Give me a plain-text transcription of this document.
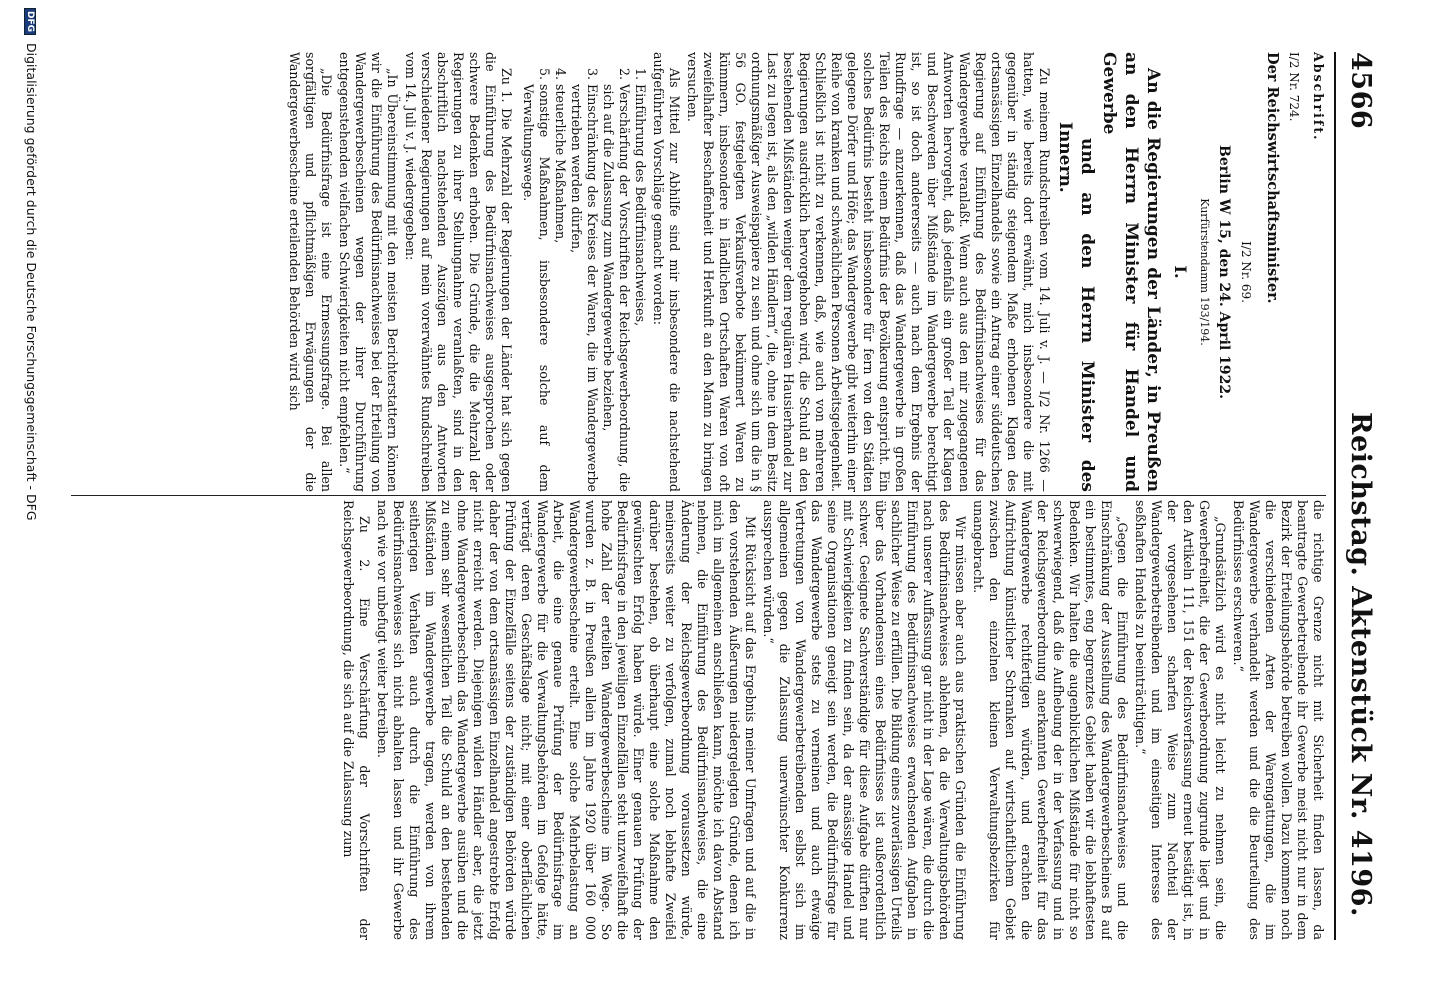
4566
Reichstag. Aktenstück Nr. 4196.
Abschrift.
I/2 Nr. 724.
Der Reichswirtschaftsminister.
I/2 Nr. 69.
Berlin W 15, den 24. April 1922.
Kurfürstendamm 193/194.
I.

An die Regierungen der Länder, in Preußen an den Herrn Minister für Handel und Gewerbe
und an den Herrn Minister des Innern.

Zu meinem Rundschreiben vom 14. Juli v. J. — I/2 Nr. 1266 — hatten, wie bereits dort erwähnt, mich insbesondere die mit gegenüber in ständig steigendem Maße erhobenen Klagen des ortsansässigen Einzelhandels sowie ein Antrag einer süddeutschen Regierung auf Einführung des Bedürfnisnachweises für das Wandergewerbe veranlaßt. Wenn auch aus den mir zugegangenen Antworten hervorgeht, daß jedenfalls ein großer Teil der Klagen und Beschwerden über Mißstände im Wandergewerbe berechtigt ist, so ist doch andererseits — auch nach dem Ergebnis der Rundfrage — anzuerkennen, daß das Wandergewerbe in großen Teilen des Reichs einem Bedürfnis der Bevölkerung entspricht. Ein solches Bedürfnis besteht insbesondere für fern von den Städten gelegene Dörfer und Höfe; das Wandergewerbe gibt weiterhin einer Reihe von kranken und schwächlichen Personen Arbeitsgelegenheit. Schließlich ist nicht zu verkennen, daß, wie auch von mehreren Regierungen ausdrücklich hervorgehoben wird, die Schuld an den bestehenden Mißständen weniger dem regulären Hausierhandel zur Last zu legen ist, als den „wilden Händlern“, die, ohne in dem Besitz ordnungsmäßiger Ausweispapiere zu sein und ohne sich um die in § 56 GO. festgelegten Verkaufsverbote bekümmert Waren zu kümmern, insbesondere in ländlichen Ortschaften Waren von oft zweifelhafter Beschaffenheit und Herkunft an den Mann zu bringen versuchen.

Als Mittel zur Abhilfe sind mir insbesondere die nachstehend aufgeführten Vorschläge gemacht worden:

1. Einführung des Bedürfnisnachweises,
2. Verschärfung der Vorschriften der Reichsgewerbeordnung, die sich auf die Zulassung zum Wandergewerbe beziehen,
3. Einschränkung des Kreises der Waren, die im Wandergewerbe vertrieben werden dürfen,
4. steuerliche Maßnahmen,
5. sonstige Maßnahmen, insbesondere solche auf dem Verwaltungswege.

Zu 1. Die Mehrzahl der Regierungen der Länder hat sich gegen die Einführung des Bedürfnisnachweises ausgesprochen oder schwere Bedenken erhoben. Die Gründe, die die Mehrzahl der Regierungen zu ihrer Stellungnahme veranlaßten, sind in den abschriftlich nachstehenden Auszügen aus den Antworten verschiedener Regierungen auf mein vorerwähntes Rundschreiben vom 14. Juli v. J. wiedergegeben:

„In Übereinstimmung mit den meisten Berichterstattern können wir die Einführung des Bedürfnisnachweises bei der Erteilung von Wandergewerbescheinen wegen der ihrer Durchführung entgegenstehenden vielfachen Schwierigkeiten nicht empfehlen.“

„Die Bedürfnisfrage ist eine Ermessungsfrage. Bei allen sorgfältigen und pflichtmäßigen Erwägungen der die Wandergewerbescheine erteilenden Behörden wird sich

die richtige Grenze nicht mit Sicherheit finden lassen, da beantragte Gewerbetreibende ihr Gewerbe meist nicht nur in dem Bezirk der Erteilungsbehörde betreiben wollen. Dazu kommen noch die verschiedenen Arten der Warengattungen, die im Wandergewerbe verhandelt werden und die die Beurteilung des Bedürfnisses erschweren.“

„Grundsätzlich wird es nicht leicht zu nehmen sein, die Gewerbefreiheit, die der Gewerbeordnung zugrunde liegt und in den Artikeln 111, 151 der Reichsverfassung erneut bestätigt ist, in der vorgesehenen scharfen Weise zum Nachteil der Wandergewerbetreibenden und im einseitigen Interesse des seßhaften Handels zu beeinträchtigen.“

„Gegen die Einführung des Bedürfnisnachweises und die Einschränkung der Ausstellung des Wandergewerbescheines B auf ein bestimmtes, eng begrenztes Gebiet haben wir die lebhaftesten Bedenken. Wir halten die augenblicklichen Mißstände für nicht so schwerwiegend, daß die Aufhebung der in der Verfassung und in der Reichsgewerbeordnung anerkannten Gewerbefreiheit für das Wandergewerbe rechtfertigen würden, und erachten die Aufrichtung künstlicher Schranken auf wirtschaftlichem Gebiet zwischen den einzelnen kleinen Verwaltungsbezirken für unangebracht.

Wir müssen aber auch aus praktischen Gründen die Einführung des Bedürfnisnachweises ablehnen, da die Verwaltungsbehörden nach unserer Auffassung gar nicht in der Lage wären, die durch die Einführung des Bedürfnisnachweises erwachsenden Aufgaben in sachlicher Weise zu erfüllen. Die Bildung eines zuverlässigen Urteils über das Vorhandensein eines Bedürfnisses ist außerordentlich schwer. Geeignete Sachverständige für diese Aufgabe dürften nur mit Schwierigkeiten zu finden sein, da der ansässige Handel und seine Organisationen geneigt sein werden, die Bedürfnisfrage für das Wandergewerbe stets zu verneinen und auch etwaige Vertretungen von Wandergewerbetreibenden selbst sich im allgemeinen gegen die Zulassung unerwünschter Konkurrenz aussprechen würden.“

Mit Rücksicht auf das Ergebnis meiner Umfragen und auf die in den vorstehenden Äußerungen niedergelegten Gründe, denen ich mich im allgemeinen anschließen kann, möchte ich davon Abstand nehmen, die Einführung des Bedürfnisnachweises, die eine Änderung der Reichsgewerbeordnung voraussetzen würde, meinerseits weiter zu verfolgen, zumal noch lebhafte Zweifel darüber bestehen, ob überhaupt eine solche Maßnahme den gewünschten Erfolg haben würde. Einer genauen Prüfung der Bedürfnisfrage in den jeweiligen Einzelfällen steht unzweifelhaft die hohe Zahl der erteilten Wandergewerbescheine im Wege. So wurden z. B. in Preußen allein im Jahre 1920 über 160 000 Wandergewerbescheine erteilt. Eine solche Mehrbelastung an Arbeit, die eine genaue Prüfung der Bedürfnisfrage im Wandergewerbe für die Verwaltungsbehörden im Gefolge hätte, verträgt deren Geschäftslage nicht; mit einer oberflächlichen Prüfung der Einzelfälle seitens der zuständigen Behörden würde daher der von dem ortsansässigen Einzelhandel angestrebte Erfolg nicht erreicht werden. Diejenigen wilden Händler aber, die jetzt ohne Wandergewerbeschein das Wandergewerbe ausüben und die zu einem sehr wesentlichen Teil die Schuld an den bestehenden Mißständen im Wandergewerbe tragen, werden von ihrem seitherigen Verhalten auch durch die Einführung des Bedürfnisnachweises sich nicht abhalten lassen und ihr Gewerbe nach wie vor unbefugt weiter betreiben.

Zu 2. Eine Verschärfung der Vorschriften der Reichsgewerbeordnung, die sich auf die Zulassung zum

DFG Digitalisierung gefördert durch die Deutsche Forschungsgemeinschaft - DFG
